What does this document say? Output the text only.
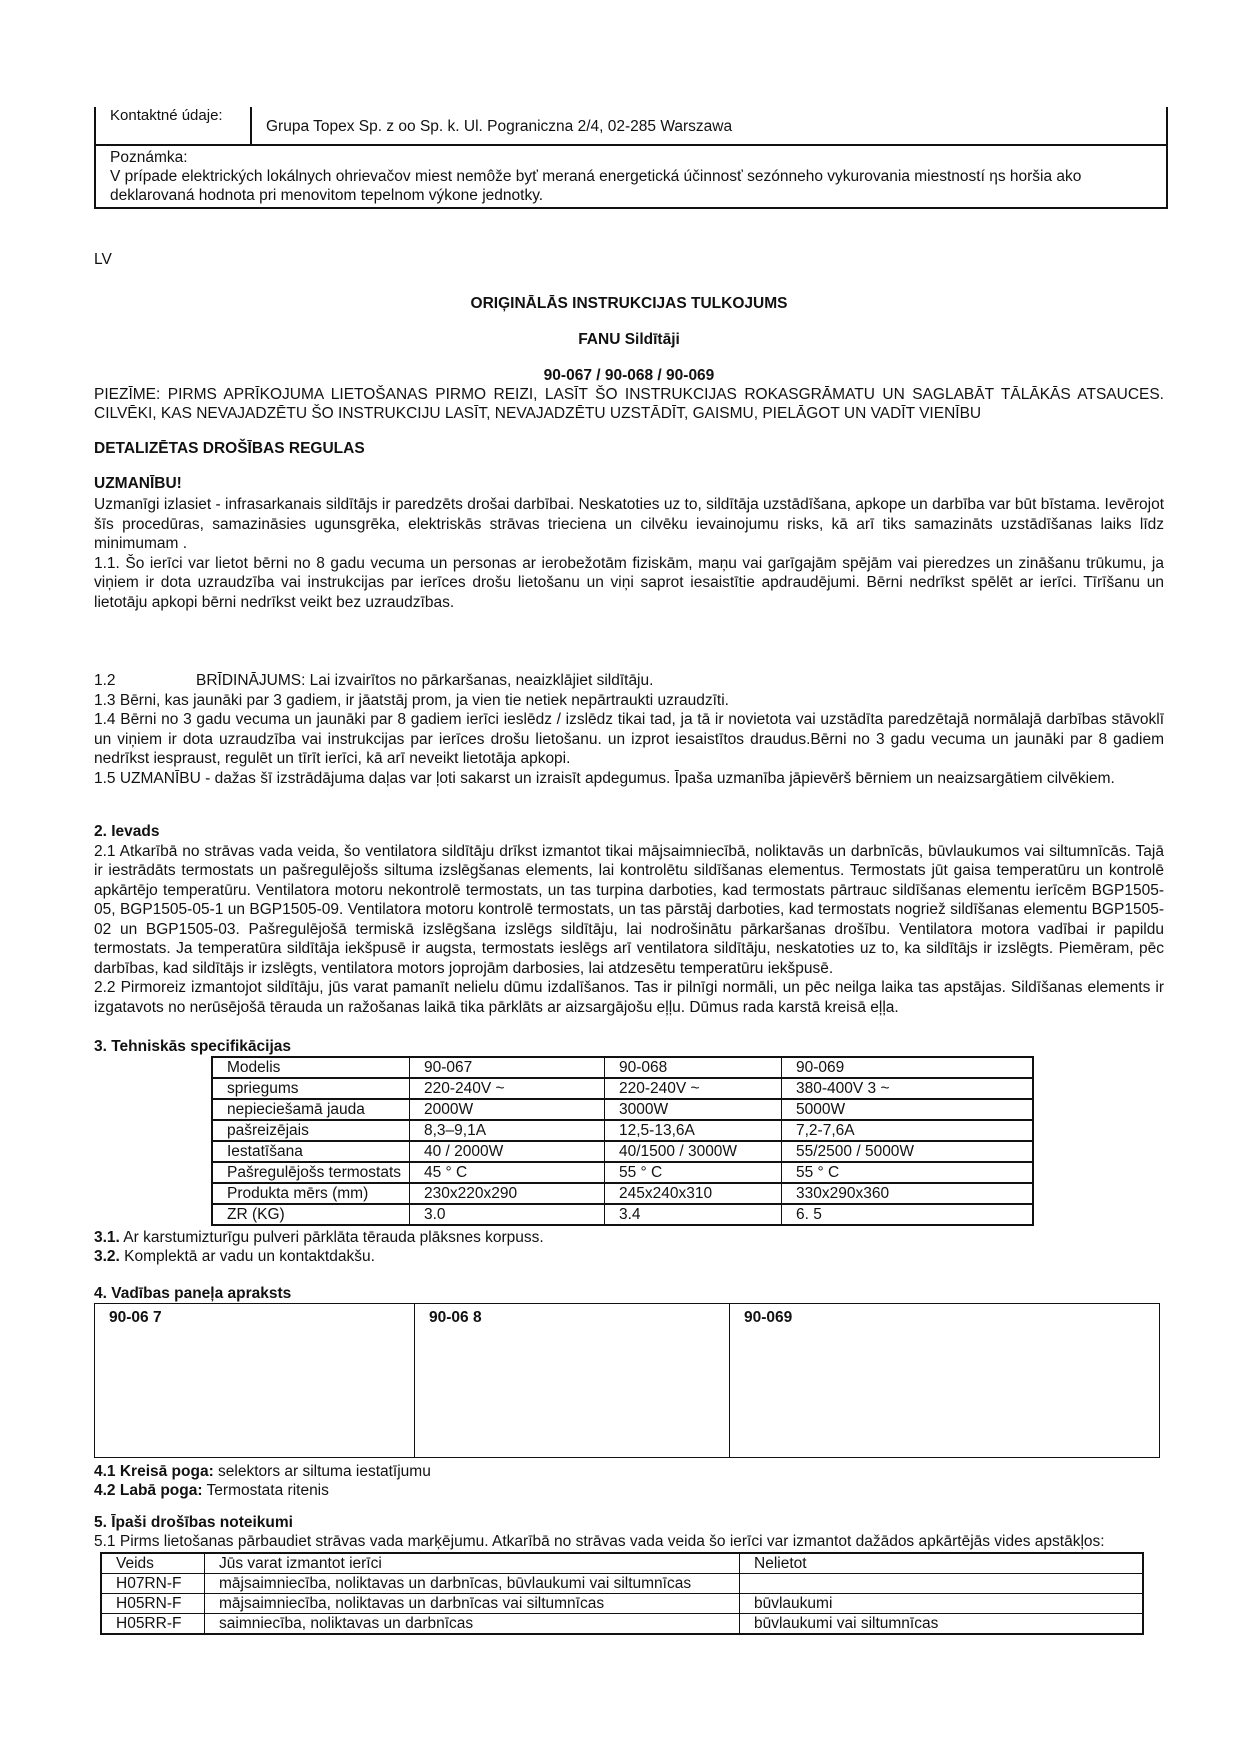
Kontaktné údaje:
Grupa Topex Sp. z oo Sp. k. Ul. Pograniczna 2/4, 02-285 Warszawa
Poznámka:
V prípade elektrických lokálnych ohrievačov miest nemôže byť meraná energetická účinnosť sezónneho vykurovania miestností ηs horšia ako deklarovaná hodnota pri menovitom tepelnom výkone jednotky.
LV
ORIĢINĀLĀS INSTRUKCIJAS TULKOJUMS
FANU Sildītāji
90-067 / 90-068 / 90-069
PIEZĪME: PIRMS APRĪKOJUMA LIETOŠANAS PIRMO REIZI, LASĪT ŠO INSTRUKCIJAS ROKASGRĀMATU UN SAGLABĀT TĀLĀKĀS ATSAUCES. CILVĒKI, KAS NEVAJADZĒTU ŠO INSTRUKCIJU LASĪT, NEVAJADZĒTU UZSTĀDĪT, GAISMU, PIELĀGOT UN VADĪT VIENĪBU
DETALIZĒTAS DROŠĪBAS REGULAS
UZMANĪBU!
Uzmanīgi izlasiet - infrasarkanais sildītājs ir paredzēts drošai darbībai. Neskatoties uz to, sildītāja uzstādīšana, apkope un darbība var būt bīstama. Ievērojot šīs procedūras, samazināsies ugunsgrēka, elektriskās strāvas trieciena un cilvēku ievainojumu risks, kā arī tiks samazināts uzstādīšanas laiks līdz minimumam .
1.1. Šo ierīci var lietot bērni no 8 gadu vecuma un personas ar ierobežotām fiziskām, maņu vai garīgajām spējām vai pieredzes un zināšanu trūkumu, ja viņiem ir dota uzraudzība vai instrukcijas par ierīces drošu lietošanu un viņi saprot iesaistītie apdraudējumi. Bērni nedrīkst spēlēt ar ierīci. Tīrīšanu un lietotāju apkopi bērni nedrīkst veikt bez uzraudzības.
1.2	BRĪDINĀJUMS: Lai izvairītos no pārkaršanas, neaizklājiet sildītāju.
1.3 Bērni, kas jaunāki par 3 gadiem, ir jāatstāj prom, ja vien tie netiek nepārtraukti uzraudzīti.
1.4 Bērni no 3 gadu vecuma un jaunāki par 8 gadiem ierīci ieslēdz / izslēdz tikai tad, ja tā ir novietota vai uzstādīta paredzētajā normālajā darbības stāvoklī un viņiem ir dota uzraudzība vai instrukcijas par ierīces drošu lietošanu. un izprot iesaistītos draudus.Bērni no 3 gadu vecuma un jaunāki par 8 gadiem nedrīkst iespraust, regulēt un tīrīt ierīci, kā arī neveikt lietotāja apkopi.
1.5 UZMANĪBU - dažas šī izstrādājuma daļas var ļoti sakarst un izraisīt apdegumus. Īpaša uzmanība jāpievērš bērniem un neaizsargātiem cilvēkiem.
2. Ievads
2.1 Atkarībā no strāvas vada veida, šo ventilatora sildītāju drīkst izmantot tikai mājsaimniecībā, noliktavās un darbnīcās, būvlaukumos vai siltumnīcās. Tajā ir iestrādāts termostats un pašregulējošs siltuma izslēgšanas elements, lai kontrolētu sildīšanas elementus. Termostats jūt gaisa temperatūru un kontrolē apkārtējo temperatūru. Ventilatora motoru nekontrolē termostats, un tas turpina darboties, kad termostats pārtrauc sildīšanas elementu ierīcēm BGP1505-05, BGP1505-05-1 un BGP1505-09. Ventilatora motoru kontrolē termostats, un tas pārstāj darboties, kad termostats nogriež sildīšanas elementu BGP1505-02 un BGP1505-03. Pašregulējošā termiskā izslēgšana izslēgs sildītāju, lai nodrošinātu pārkaršanas drošību. Ventilatora motora vadībai ir papildu termostats. Ja temperatūra sildītāja iekšpusē ir augsta, termostats ieslēgs arī ventilatora sildītāju, neskatoties uz to, ka sildītājs ir izslēgts. Piemēram, pēc darbības, kad sildītājs ir izslēgts, ventilatora motors joprojām darbosies, lai atdzesētu temperatūru iekšpusē.
2.2 Pirmoreiz izmantojot sildītāju, jūs varat pamanīt nelielu dūmu izdalīšanos. Tas ir pilnīgi normāli, un pēc neilga laika tas apstājas. Sildīšanas elements ir izgatavots no nerūsējošā tērauda un ražošanas laikā tika pārklāts ar aizsargājošu eļļu. Dūmus rada karstā kreisā eļļa.
3. Tehniskās specifikācijas
Modelis	90-067	90-068	90-069
spriegums	220-240V ~	220-240V ~	380-400V 3 ~
nepieciešamā jauda	2000W	3000W	5000W
pašreizējais	8,3–9,1A	12,5-13,6A	7,2-7,6A
Iestatīšana	40 / 2000W	40/1500 / 3000W	55/2500 / 5000W
Pašregulējošs termostats	45 ° C	55 ° C	55 ° C
Produkta mērs (mm)	230x220x290	245x240x310	330x290x360
ZR (KG)	3.0	3.4	6. 5
3.1. Ar karstumizturīgu pulveri pārklāta tērauda plāksnes korpuss.
3.2. Komplektā ar vadu un kontaktdakšu.
4. Vadības paneļa apraksts
90-06 7	90-06 8	90-069
4.1 Kreisā poga: selektors ar siltuma iestatījumu
4.2 Labā poga: Termostata ritenis
5. Īpaši drošības noteikumi
5.1 Pirms lietošanas pārbaudiet strāvas vada marķējumu. Atkarībā no strāvas vada veida šo ierīci var izmantot dažādos apkārtējās vides apstākļos:
Veids	Jūs varat izmantot ierīci	Nelietot
H07RN-F	mājsaimniecība, noliktavas un darbnīcas, būvlaukumi vai siltumnīcas	
H05RN-F	mājsaimniecība, noliktavas un darbnīcas vai siltumnīcas	būvlaukumi
H05RR-F	saimniecība, noliktavas un darbnīcas	būvlaukumi vai siltumnīcas
